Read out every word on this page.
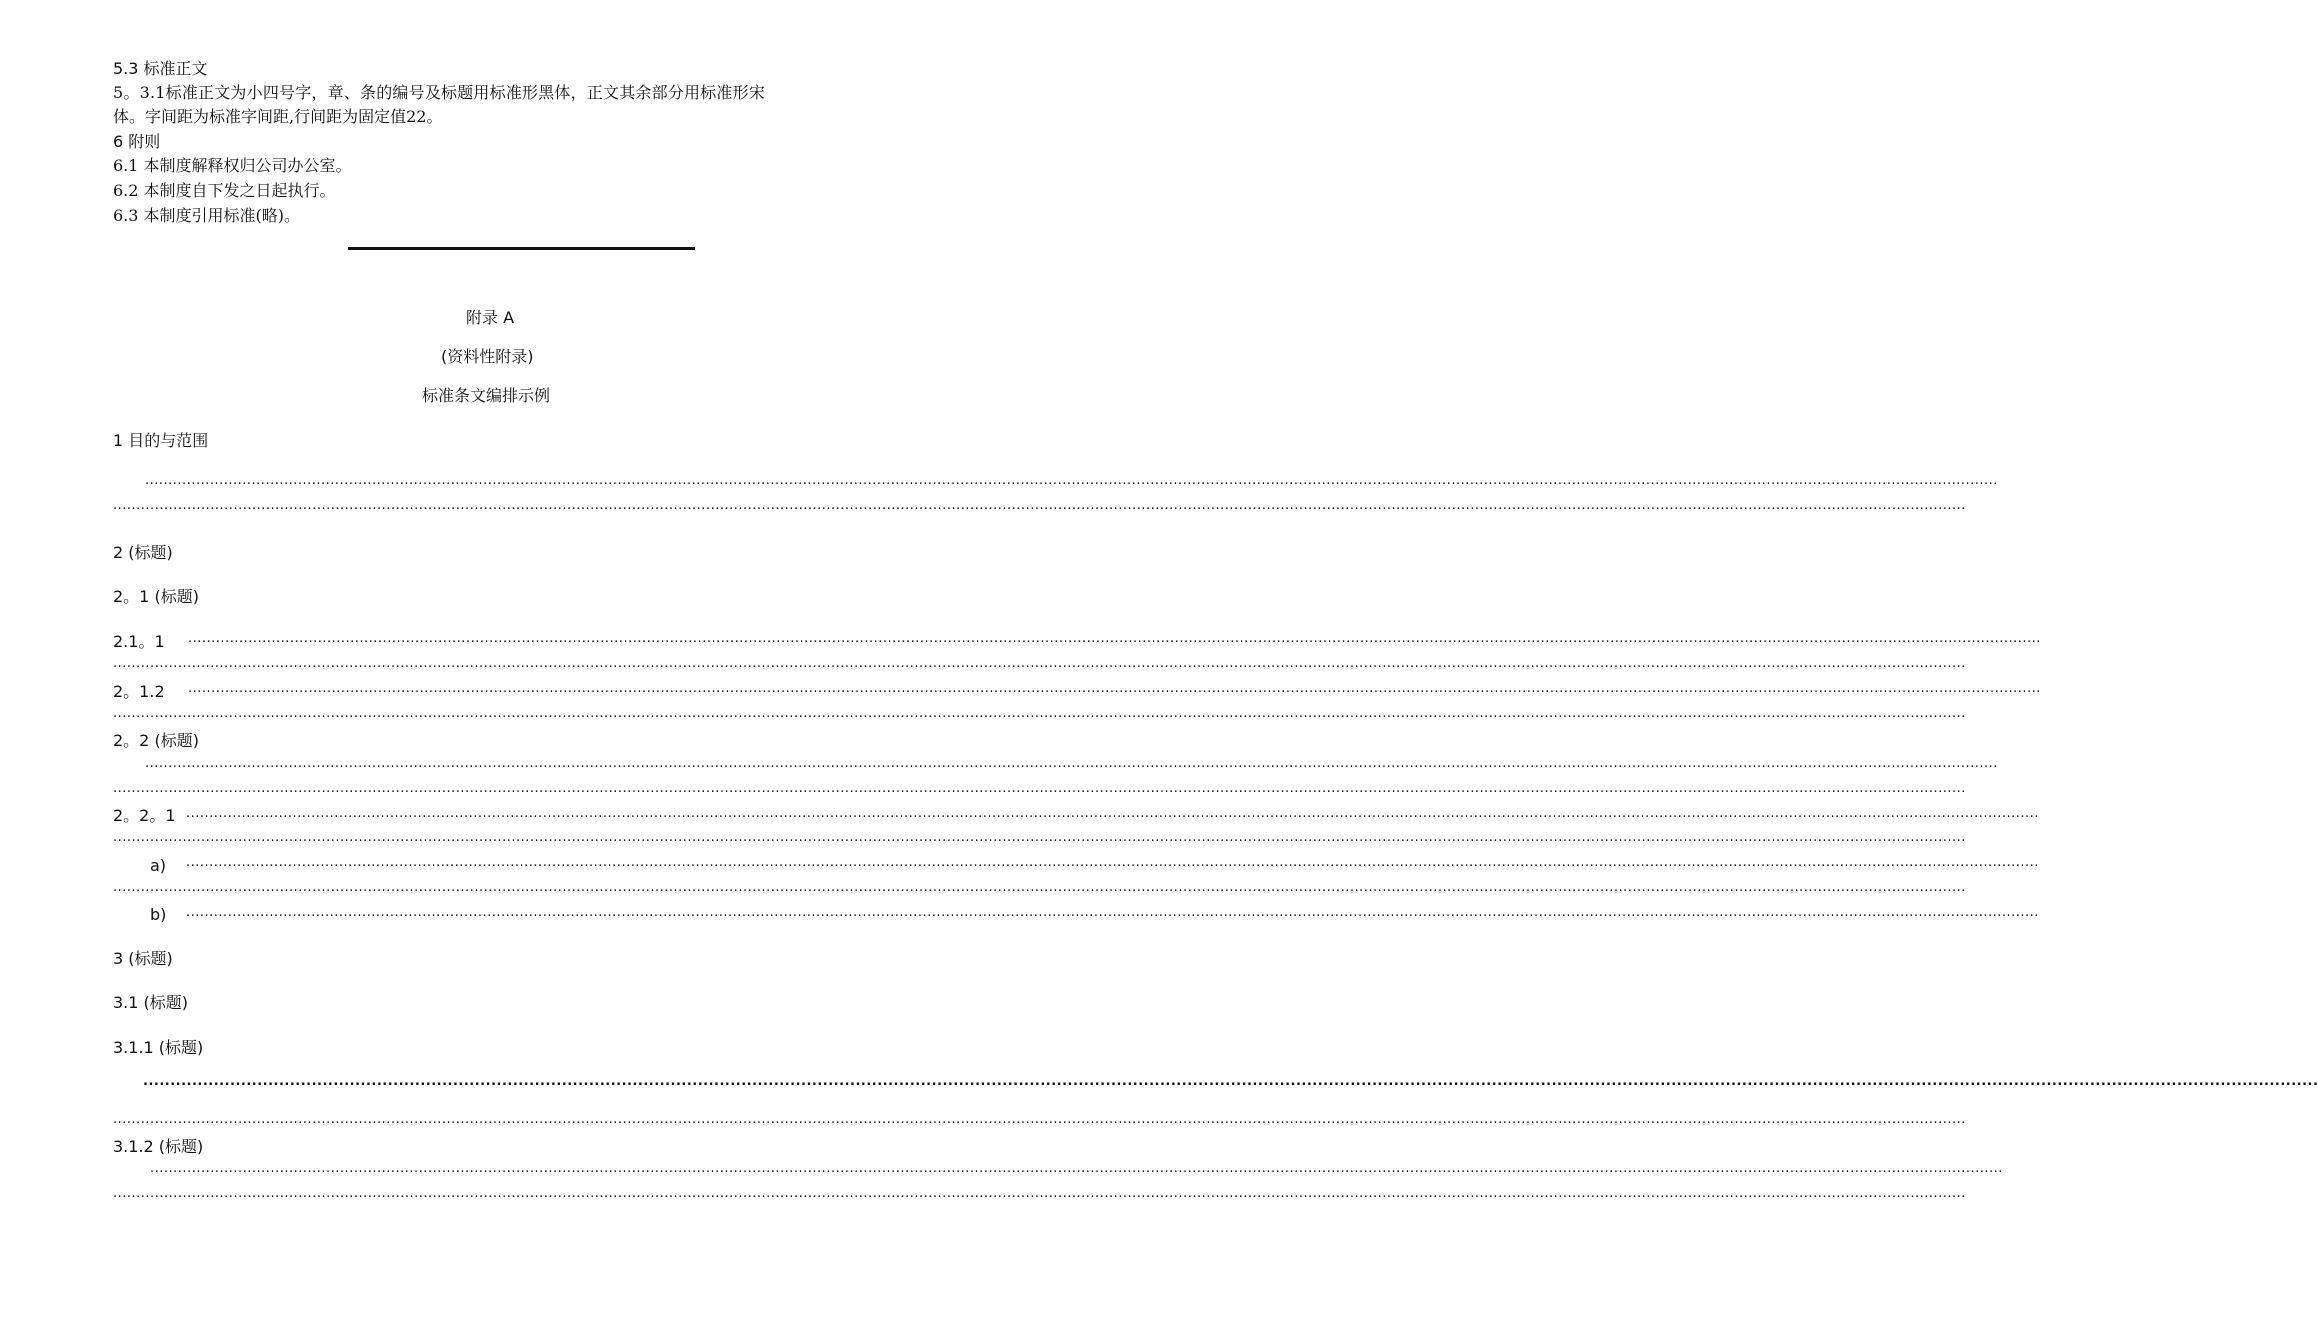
5.3 标准正文
5。3.1标准正文为小四号字，章、条的编号及标题用标准形黑体，正文其余部分用标准形宋
体。字间距为标准字间距,行间距为固定值22。
6 附则
6.1 本制度解释权归公司办公室。
6.2 本制度自下发之日起执行。
6.3 本制度引用标准(略)。
附录 A
(资料性附录)
标准条文编排示例
1 目的与范围
................................................................................................................................................................................................................................................................................................................................................................................................................
................................................................................................................................................................................................................................................................................................................................................................................................................
2 (标题)
2。1 (标题)
2.1。1 ................................................................................................................................................................................................................................................................................................................................................................................................................
................................................................................................................................................................................................................................................................................................................................................................................................................
2。1.2 ................................................................................................................................................................................................................................................................................................................................................................................................................
................................................................................................................................................................................................................................................................................................................................................................................................................
2。2 (标题)
................................................................................................................................................................................................................................................................................................................................................................................................................
................................................................................................................................................................................................................................................................................................................................................................................................................
2。2。1 ................................................................................................................................................................................................................................................................................................................................................................................................................
................................................................................................................................................................................................................................................................................................................................................................................................................
a) ................................................................................................................................................................................................................................................................................................................................................................................................................
................................................................................................................................................................................................................................................................................................................................................................................................................
b) ................................................................................................................................................................................................................................................................................................................................................................................................................
3 (标题)
3.1 (标题)
3.1.1 (标题)
................................................................................................................................................................................................................................................................................................................................................................................................................
................................................................................................................................................................................................................................................................................................................................................................................................................
3.1.2 (标题)
................................................................................................................................................................................................................................................................................................................................................................................................................
................................................................................................................................................................................................................................................................................................................................................................................................................
